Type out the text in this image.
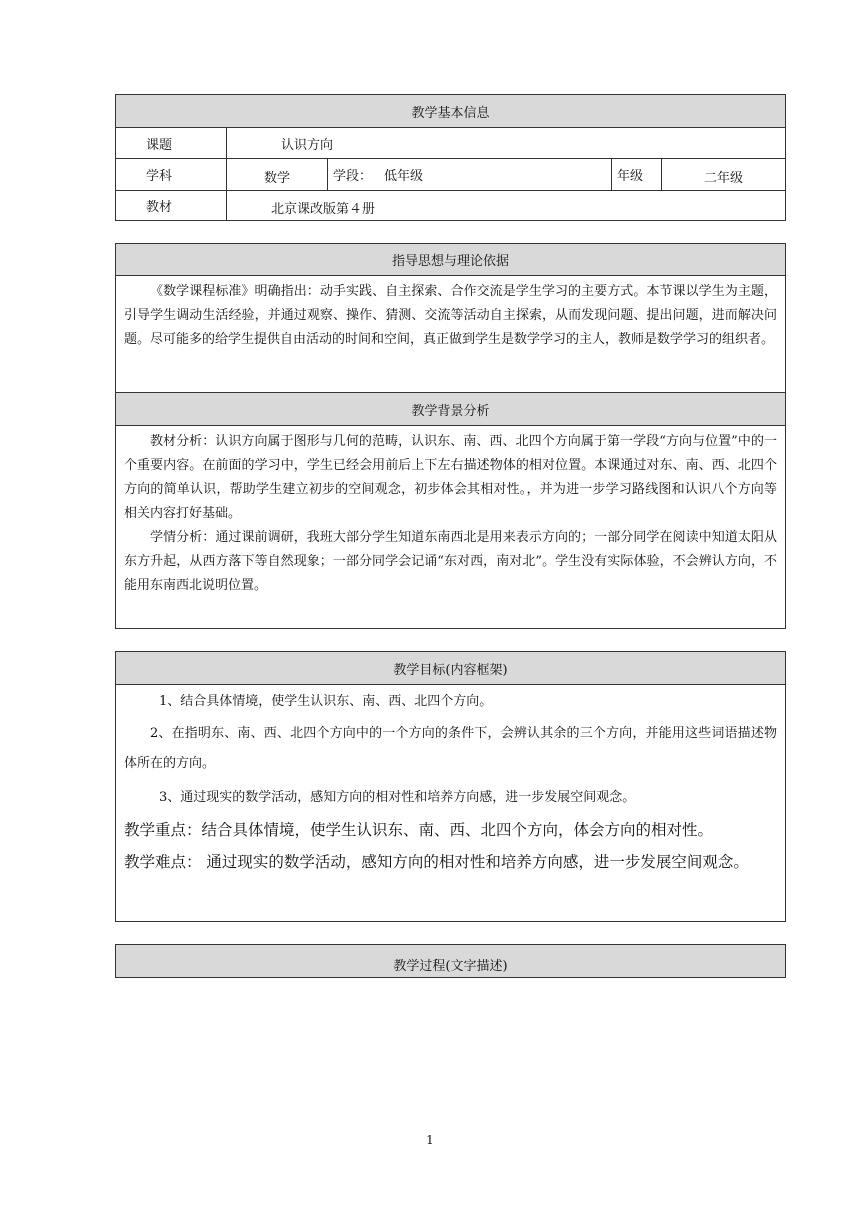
教学基本信息
课题	认识方向
学科	数学	学段： 低年级	年级	二年级
教材	北京课改版第４册
指导思想与理论依据

《数学课程标准》明确指出：动手实践、自主探索、合作交流是学生学习的主要方式。本节课以学生为主题，引导学生调动生活经验，并通过观察、操作、猜测、交流等活动自主探索，从而发现问题、提出问题，进而解决问题。尽可能多的给学生提供自由活动的时间和空间，真正做到学生是数学学习的主人，教师是数学学习的组织者。

教学背景分析

教材分析：认识方向属于图形与几何的范畴，认识东、南、西、北四个方向属于第一学段“方向与位置”中的一个重要内容。在前面的学习中，学生已经会用前后上下左右描述物体的相对位置。本课通过对东、南、西、北四个方向的简单认识，帮助学生建立初步的空间观念，初步体会其相对性。，并为进一步学习路线图和认识八个方向等相关内容打好基础。

学情分析：通过课前调研，我班大部分学生知道东南西北是用来表示方向的；一部分同学在阅读中知道太阳从东方升起，从西方落下等自然现象；一部分同学会记诵“东对西，南对北”。学生没有实际体验，不会辨认方向，不能用东南西北说明位置。

教学目标(内容框架)

1、结合具体情境，使学生认识东、南、西、北四个方向。

2、在指明东、南、西、北四个方向中的一个方向的条件下，会辨认其余的三个方向，并能用这些词语描述物体所在的方向。

3、通过现实的数学活动，感知方向的相对性和培养方向感，进一步发展空间观念。

教学重点：结合具体情境，使学生认识东、南、西、北四个方向，体会方向的相对性。

教学难点： 通过现实的数学活动，感知方向的相对性和培养方向感，进一步发展空间观念。

教学过程(文字描述)
1
